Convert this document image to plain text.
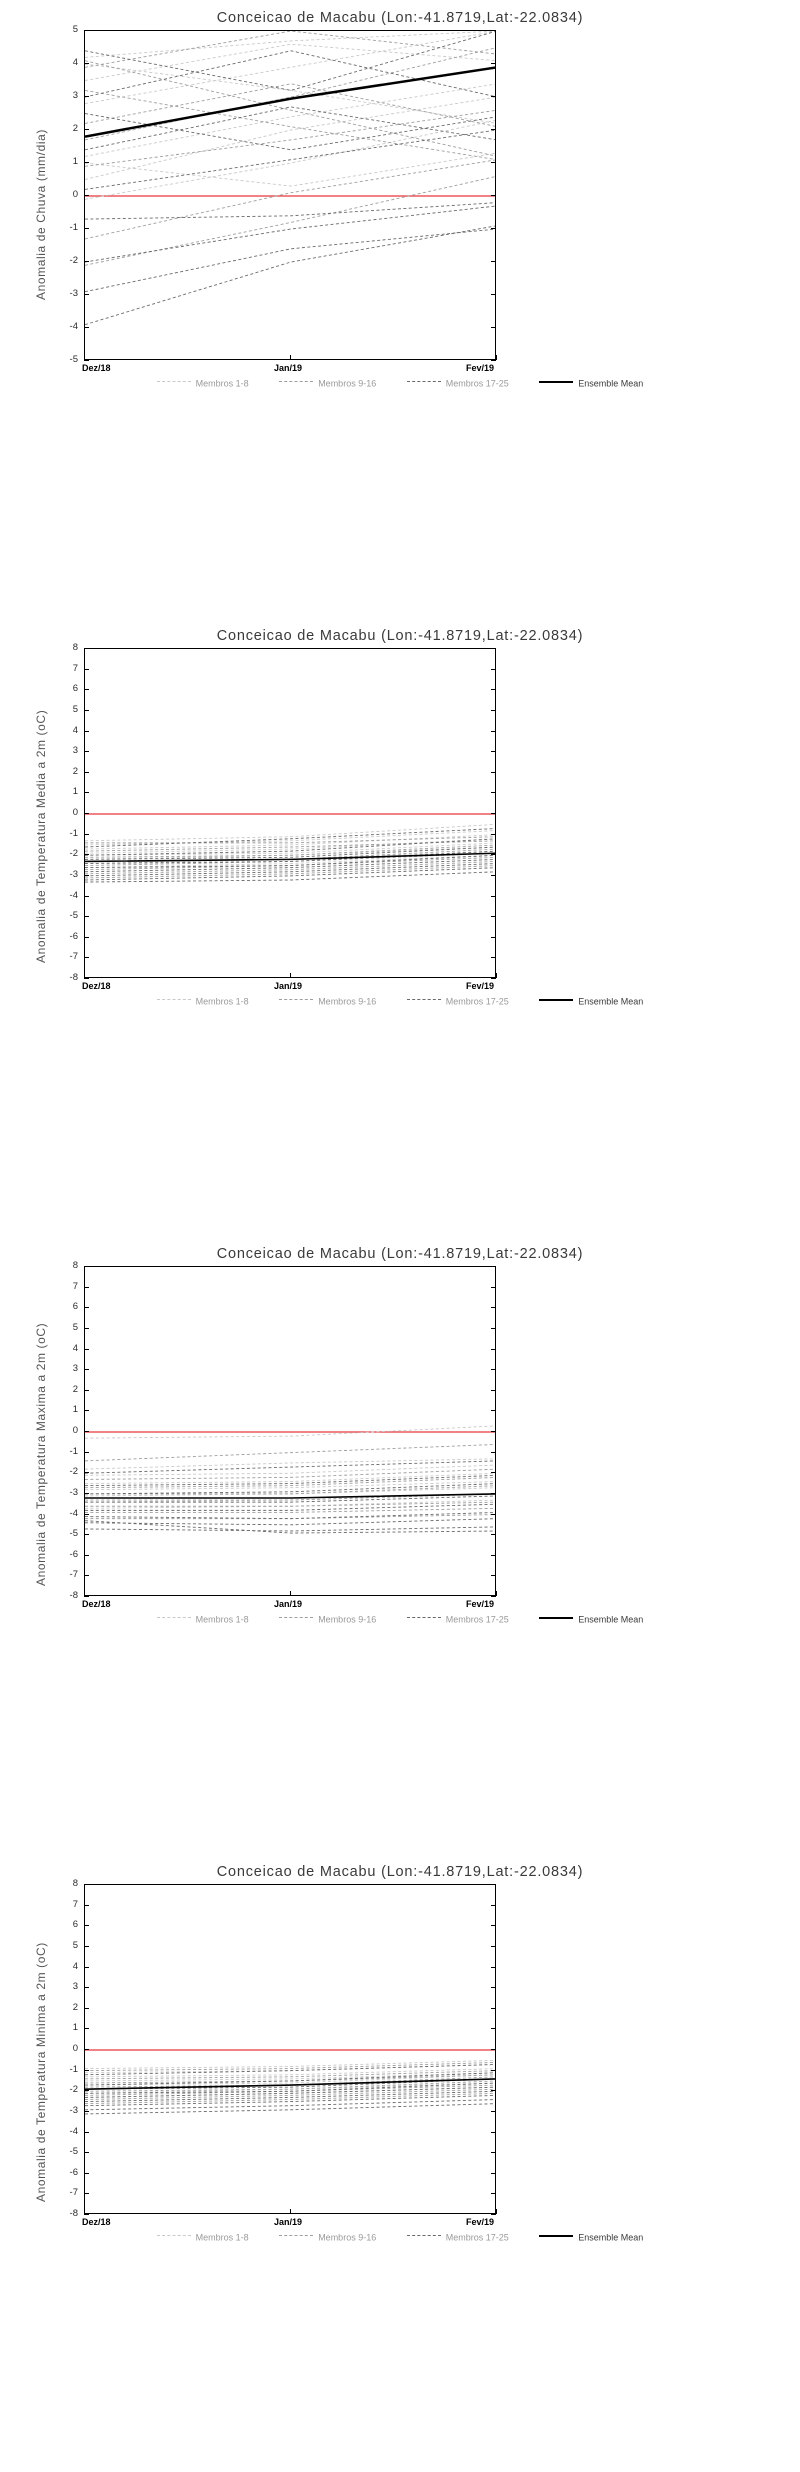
Conceicao de Macabu (Lon:-41.8719,Lat:-22.0834)
Anomalia de Chuva (mm/dia)
5
4
3
2
1
0
-1
-2
-3
-4
-5
Dez/18	Jan/19	Fev/19
Membros 1-8	Membros 9-16	Membros 17-25	Ensemble Mean
Conceicao de Macabu (Lon:-41.8719,Lat:-22.0834)
Anomalia de Temperatura Media a 2m (oC)
8
7
6
5
4
3
2
1
0
-1
-2
-3
-4
-5
-6
-7
-8
Dez/18	Jan/19	Fev/19
Membros 1-8	Membros 9-16	Membros 17-25	Ensemble Mean
Conceicao de Macabu (Lon:-41.8719,Lat:-22.0834)
Anomalia de Temperatura Maxima a 2m (oC)
8
7
6
5
4
3
2
1
0
-1
-2
-3
-4
-5
-6
-7
-8
Dez/18	Jan/19	Fev/19
Membros 1-8	Membros 9-16	Membros 17-25	Ensemble Mean
Conceicao de Macabu (Lon:-41.8719,Lat:-22.0834)
Anomalia de Temperatura Minima a 2m (oC)
8
7
6
5
4
3
2
1
0
-1
-2
-3
-4
-5
-6
-7
-8
Dez/18	Jan/19	Fev/19
Membros 1-8	Membros 9-16	Membros 17-25	Ensemble Mean
